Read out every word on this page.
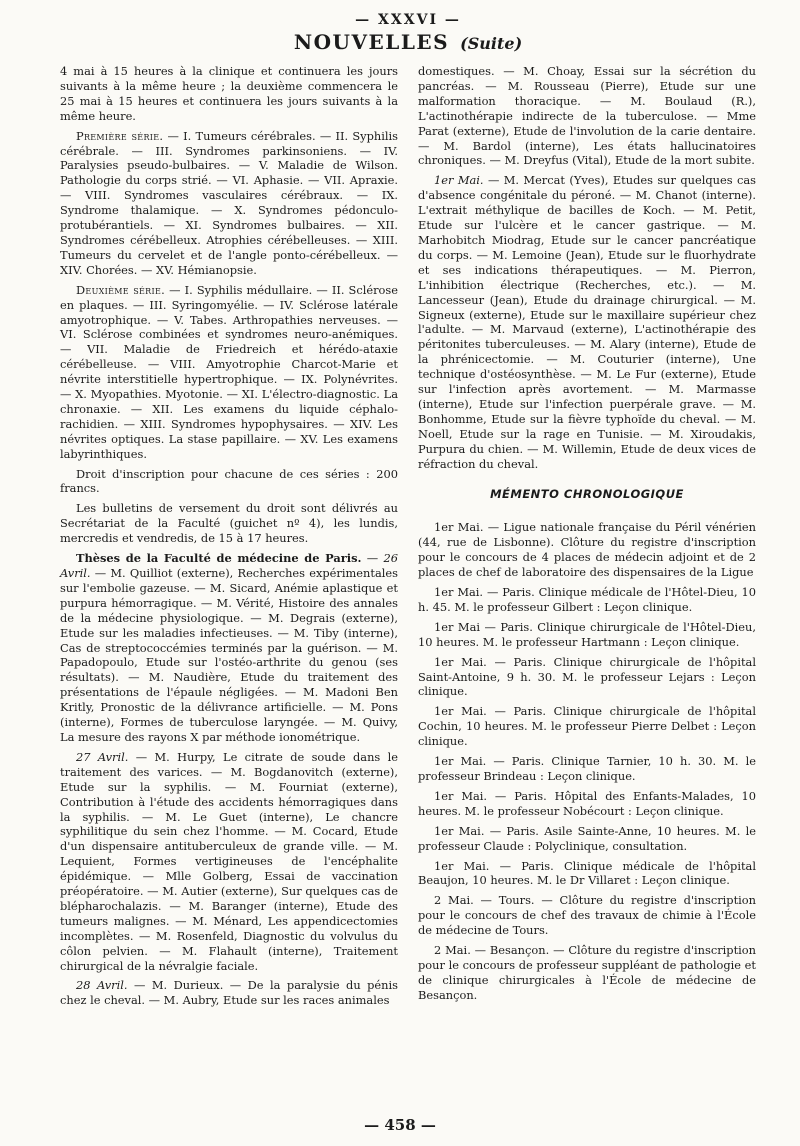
— XXXVI —
NOUVELLES (Suite)

4 mai à 15 heures à la clinique et continuera les jours suivants à la même heure ; la deuxième commencera le 25 mai à 15 heures et continuera les jours suivants à la même heure.

Première série. — I. Tumeurs cérébrales. — II. Syphilis cérébrale. — III. Syndromes parkinsoniens. — IV. Paralysies pseudo-bulbaires. — V. Maladie de Wilson. Pathologie du corps strié. — VI. Aphasie. — VII. Apraxie. — VIII. Syndromes vasculaires cérébraux. — IX. Syndrome thalamique. — X. Syndromes pédonculo-protubérantiels. — XI. Syndromes bulbaires. — XII. Syndromes cérébelleux. Atrophies cérébelleuses. — XIII. Tumeurs du cervelet et de l'angle ponto-cérébelleux. — XIV. Chorées. — XV. Hémianopsie.

Deuxième série. — I. Syphilis médullaire. — II. Sclérose en plaques. — III. Syringomyélie. — IV. Sclérose latérale amyotrophique. — V. Tabes. Arthropathies nerveuses. — VI. Sclérose combinées et syndromes neuro-anémiques. — VII. Maladie de Friedreich et hérédo-ataxie cérébelleuse. — VIII. Amyotrophie Charcot-Marie et névrite interstitielle hypertrophique. — IX. Polynévrites. — X. Myopathies. Myotonie. — XI. L'électro-diagnostic. La chronaxie. — XII. Les examens du liquide céphalo-rachidien. — XIII. Syndromes hypophysaires. — XIV. Les névrites optiques. La stase papillaire. — XV. Les examens labyrinthiques.

Droit d'inscription pour chacune de ces séries : 200 francs.

Les bulletins de versement du droit sont délivrés au Secrétariat de la Faculté (guichet nº 4), les lundis, mercredis et vendredis, de 15 à 17 heures.

Thèses de la Faculté de médecine de Paris. — 26 Avril. — M. Quilliot (externe), Recherches expérimentales sur l'embolie gazeuse. — M. Sicard, Anémie aplastique et purpura hémorragique. — M. Vérité, Histoire des annales de la médecine physiologique. — M. Degrais (externe), Etude sur les maladies infectieuses. — M. Tiby (interne), Cas de streptococcémies terminés par la guérison. — M. Papadopoulo, Etude sur l'ostéo-arthrite du genou (ses résultats). — M. Naudière, Etude du traitement des présentations de l'épaule négligées. — M. Madoni Ben Kritly, Pronostic de la délivrance artificielle. — M. Pons (interne), Formes de tuberculose laryngée. — M. Quivy, La mesure des rayons X par méthode ionométrique.

27 Avril. — M. Hurpy, Le citrate de soude dans le traitement des varices. — M. Bogdanovitch (externe), Etude sur la syphilis. — M. Fourniat (externe), Contribution à l'étude des accidents hémorragiques dans la syphilis. — M. Le Guet (interne), Le chancre syphilitique du sein chez l'homme. — M. Cocard, Etude d'un dispensaire antituberculeux de grande ville. — M. Lequient, Formes vertigineuses de l'encéphalite épidémique. — Mlle Golberg, Essai de vaccination préopératoire. — M. Autier (externe), Sur quelques cas de blépharochalazis. — M. Baranger (interne), Etude des tumeurs malignes. — M. Ménard, Les appendicectomies incomplètes. — M. Rosenfeld, Diagnostic du volvulus du côlon pelvien. — M. Flahault (interne), Traitement chirurgical de la névralgie faciale.

28 Avril. — M. Durieux. — De la paralysie du pénis chez le cheval. — M. Aubry, Etude sur les races animales

domestiques. — M. Choay, Essai sur la sécrétion du pancréas. — M. Rousseau (Pierre), Etude sur une malformation thoracique. — M. Boulaud (R.), L'actinothérapie indirecte de la tuberculose. — Mme Parat (externe), Etude de l'involution de la carie dentaire. — M. Bardol (interne), Les états hallucinatoires chroniques. — M. Dreyfus (Vital), Etude de la mort subite.

1er Mai. — M. Mercat (Yves), Etudes sur quelques cas d'absence congénitale du péroné. — M. Chanot (interne). L'extrait méthylique de bacilles de Koch. — M. Petit, Etude sur l'ulcère et le cancer gastrique. — M. Marhobitch Miodrag, Etude sur le cancer pancréatique du corps. — M. Lemoine (Jean), Etude sur le fluorhydrate et ses indications thérapeutiques. — M. Pierron, L'inhibition électrique (Recherches, etc.). — M. Lancesseur (Jean), Etude du drainage chirurgical. — M. Signeux (externe), Etude sur le maxillaire supérieur chez l'adulte. — M. Marvaud (externe), L'actinothérapie des péritonites tuberculeuses. — M. Alary (interne), Etude de la phrénicectomie. — M. Couturier (interne), Une technique d'ostéosynthèse. — M. Le Fur (externe), Etude sur l'infection après avortement. — M. Marmasse (interne), Etude sur l'infection puerpérale grave. — M. Bonhomme, Etude sur la fièvre typhoïde du cheval. — M. Noell, Etude sur la rage en Tunisie. — M. Xiroudakis, Purpura du chien. — M. Willemin, Etude de deux vices de réfraction du cheval.

MÉMENTO CHRONOLOGIQUE

1er Mai. — Ligue nationale française du Péril vénérien (44, rue de Lisbonne). Clôture du registre d'inscription pour le concours de 4 places de médecin adjoint et de 2 places de chef de laboratoire des dispensaires de la Ligue

1er Mai. — Paris. Clinique médicale de l'Hôtel-Dieu, 10 h. 45. M. le professeur Gilbert : Leçon clinique.

1er Mai — Paris. Clinique chirurgicale de l'Hôtel-Dieu, 10 heures. M. le professeur Hartmann : Leçon clinique.

1er Mai. — Paris. Clinique chirurgicale de l'hôpital Saint-Antoine, 9 h. 30. M. le professeur Lejars : Leçon clinique.

1er Mai. — Paris. Clinique chirurgicale de l'hôpital Cochin, 10 heures. M. le professeur Pierre Delbet : Leçon clinique.

1er Mai. — Paris. Clinique Tarnier, 10 h. 30. M. le professeur Brindeau : Leçon clinique.

1er Mai. — Paris. Hôpital des Enfants-Malades, 10 heures. M. le professeur Nobécourt : Leçon clinique.

1er Mai. — Paris. Asile Sainte-Anne, 10 heures. M. le professeur Claude : Polyclinique, consultation.

1er Mai. — Paris. Clinique médicale de l'hôpital Beaujon, 10 heures. M. le Dr Villaret : Leçon clinique.

2 Mai. — Tours. — Clôture du registre d'inscription pour le concours de chef des travaux de chimie à l'École de médecine de Tours.

2 Mai. — Besançon. — Clôture du registre d'inscription pour le concours de professeur suppléant de pathologie et de clinique chirurgicales à l'École de médecine de Besançon.

— 458 —
